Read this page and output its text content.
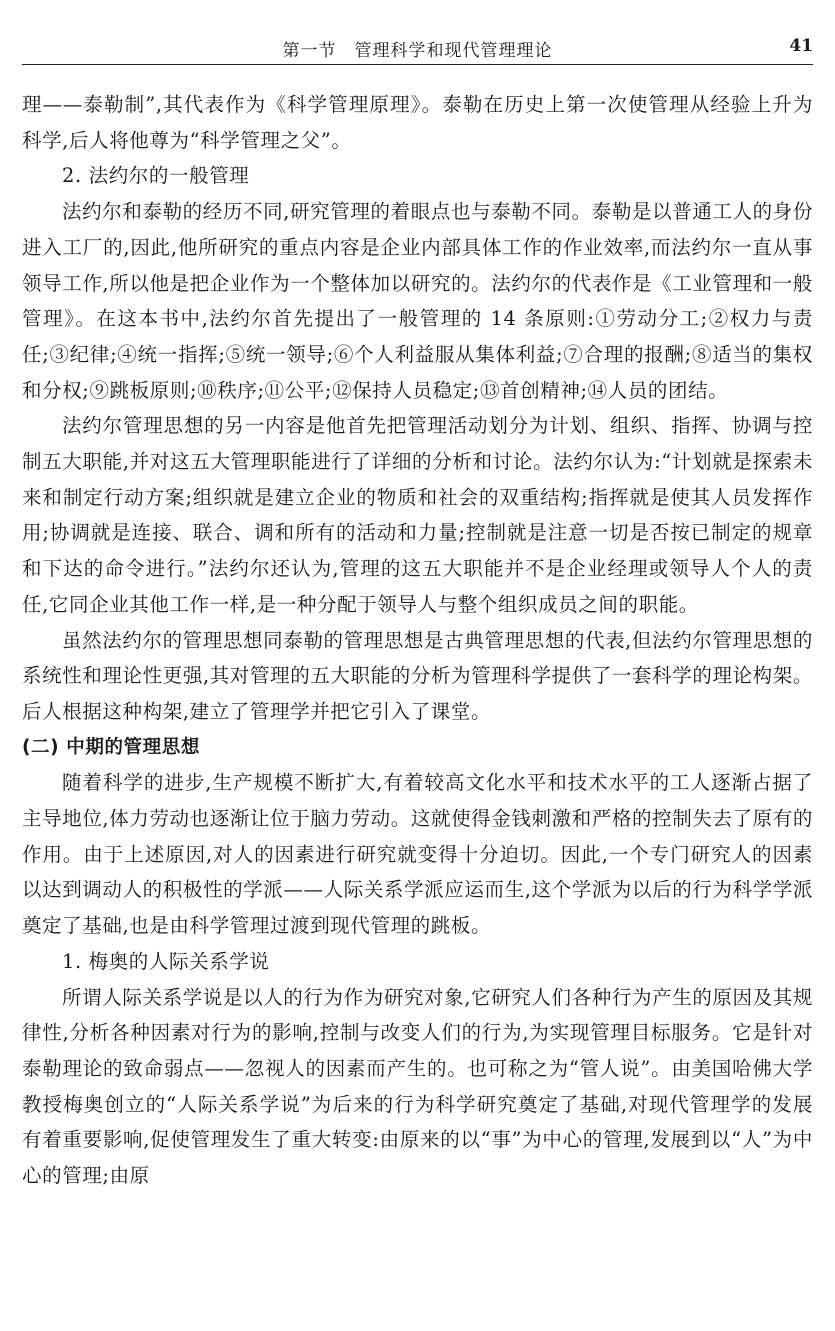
第一节　管理科学和现代管理理论	41

理——泰勒制”,其代表作为《科学管理原理》。泰勒在历史上第一次使管理从经验上升为科学,后人将他尊为“科学管理之父”。

2. 法约尔的一般管理

法约尔和泰勒的经历不同,研究管理的着眼点也与泰勒不同。泰勒是以普通工人的身份进入工厂的,因此,他所研究的重点内容是企业内部具体工作的作业效率,而法约尔一直从事领导工作,所以他是把企业作为一个整体加以研究的。法约尔的代表作是《工业管理和一般管理》。在这本书中,法约尔首先提出了一般管理的 14 条原则:①劳动分工;②权力与责任;③纪律;④统一指挥;⑤统一领导;⑥个人利益服从集体利益;⑦合理的报酬;⑧适当的集权和分权;⑨跳板原则;⑩秩序;⑪公平;⑫保持人员稳定;⑬首创精神;⑭人员的团结。

法约尔管理思想的另一内容是他首先把管理活动划分为计划、组织、指挥、协调与控制五大职能,并对这五大管理职能进行了详细的分析和讨论。法约尔认为:“计划就是探索未来和制定行动方案;组织就是建立企业的物质和社会的双重结构;指挥就是使其人员发挥作用;协调就是连接、联合、调和所有的活动和力量;控制就是注意一切是否按已制定的规章和下达的命令进行。”法约尔还认为,管理的这五大职能并不是企业经理或领导人个人的责任,它同企业其他工作一样,是一种分配于领导人与整个组织成员之间的职能。

虽然法约尔的管理思想同泰勒的管理思想是古典管理思想的代表,但法约尔管理思想的系统性和理论性更强,其对管理的五大职能的分析为管理科学提供了一套科学的理论构架。后人根据这种构架,建立了管理学并把它引入了课堂。

(二) 中期的管理思想

随着科学的进步,生产规模不断扩大,有着较高文化水平和技术水平的工人逐渐占据了主导地位,体力劳动也逐渐让位于脑力劳动。这就使得金钱刺激和严格的控制失去了原有的作用。由于上述原因,对人的因素进行研究就变得十分迫切。因此,一个专门研究人的因素以达到调动人的积极性的学派——人际关系学派应运而生,这个学派为以后的行为科学学派奠定了基础,也是由科学管理过渡到现代管理的跳板。

1. 梅奥的人际关系学说

所谓人际关系学说是以人的行为作为研究对象,它研究人们各种行为产生的原因及其规律性,分析各种因素对行为的影响,控制与改变人们的行为,为实现管理目标服务。它是针对泰勒理论的致命弱点——忽视人的因素而产生的。也可称之为“管人说”。由美国哈佛大学教授梅奥创立的“人际关系学说”为后来的行为科学研究奠定了基础,对现代管理学的发展有着重要影响,促使管理发生了重大转变:由原来的以“事”为中心的管理,发展到以“人”为中心的管理;由原
